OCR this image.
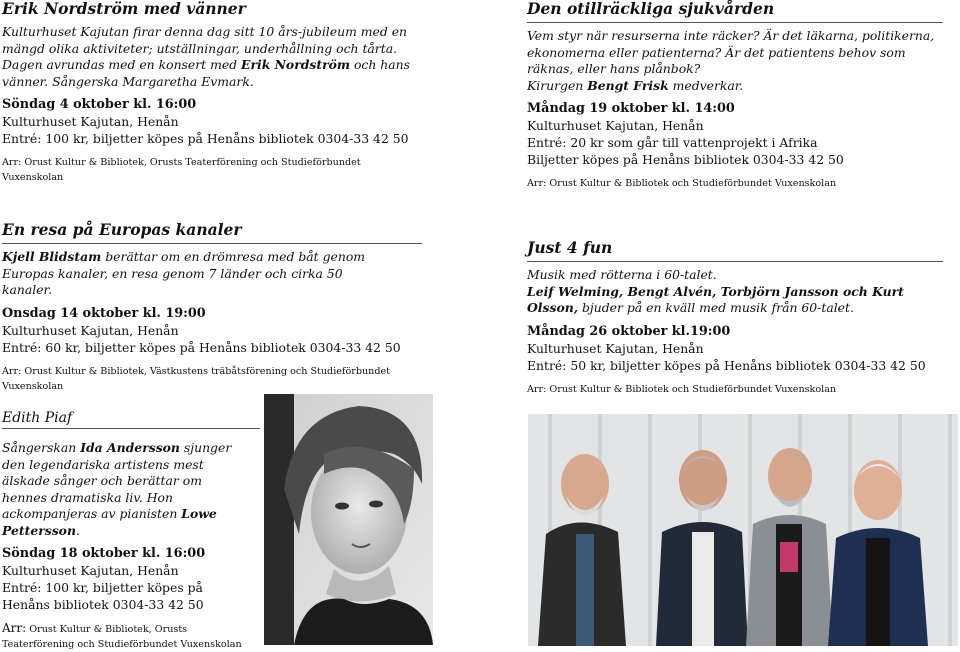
Erik Nordström med vänner

Kulturhuset Kajutan firar denna dag sitt 10 års-jubileum med en mängd olika aktiviteter; utställningar, underhållning och tårta. Dagen avrundas med en konsert med Erik Nordström och hans vänner. Sångerska Margaretha Evmark.

Söndag 4 oktober kl. 16:00

Kulturhuset Kajutan, Henån

Entré: 100 kr, biljetter köpes på Henåns bibliotek 0304-33 42 50

Arr: Orust Kultur & Bibliotek, Orusts Teaterförening och Studieförbundet Vuxenskolan

Den otillräckliga sjukvården

Vem styr när resurserna inte räcker? Är det läkarna, politikerna, ekonomerna eller patienterna? Är det patientens behov som räknas, eller hans plånbok?

Kirurgen Bengt Frisk medverkar.

Måndag 19 oktober kl. 14:00

Kulturhuset Kajutan, Henån

Entré: 20 kr som går till vattenprojekt i Afrika

Biljetter köpes på Henåns bibliotek 0304-33 42 50

Arr: Orust Kultur & Bibliotek och Studieförbundet Vuxenskolan

En resa på Europas kanaler

Kjell Blidstam berättar om en drömresa med båt genom Europas kanaler, en resa genom 7 länder och cirka 50 kanaler.

Onsdag 14 oktober kl. 19:00

Kulturhuset Kajutan, Henån

Entré: 60 kr, biljetter köpes på Henåns bibliotek 0304-33 42 50

Arr: Orust Kultur & Bibliotek, Västkustens träbåtsförening och Studieförbundet Vuxenskolan

Just 4 fun

Musik med rötterna i 60-talet.

Leif Welming, Bengt Alvén, Torbjörn Jansson och Kurt Olsson, bjuder på en kväll med musik från 60-talet.

Måndag 26 oktober kl.19:00

Kulturhuset Kajutan, Henån

Entré: 50 kr, biljetter köpes på Henåns bibliotek 0304-33 42 50

Arr: Orust Kultur & Bibliotek och Studieförbundet Vuxenskolan

Edith Piaf

Sångerskan Ida Andersson sjunger den legendariska artistens mest älskade sånger och berättar om hennes dramatiska liv. Hon ackompanjeras av pianisten Lowe Pettersson.

Söndag 18 oktober kl. 16:00

Kulturhuset Kajutan, Henån

Entré: 100 kr, biljetter köpes på Henåns bibliotek 0304-33 42 50

Arr: Orust Kultur & Bibliotek, Orusts Teaterförening och Studieförbundet Vuxenskolan
